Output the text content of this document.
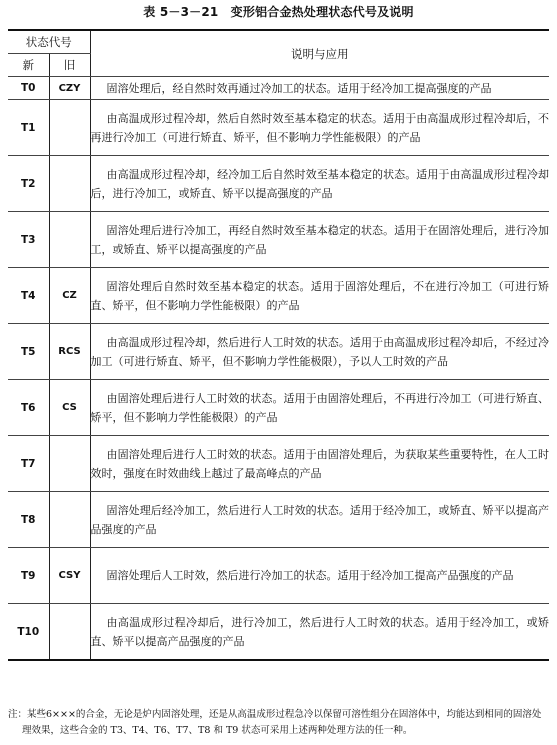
表 5－3－21　变形铝合金热处理状态代号及说明
状态代号		说明与应用
新	旧	
T0	CZY	固溶处理后，经自然时效再通过冷加工的状态。适用于经冷加工提高强度的产品

T1		由高温成形过程冷却，然后自然时效至基本稳定的状态。适用于由高温成形过程冷却后，不再进行冷加工（可进行矫直、矫平，但不影响力学性能极限）的产品

T2		由高温成形过程冷却，经冷加工后自然时效至基本稳定的状态。适用于由高温成形过程冷却后，进行冷加工，或矫直、矫平以提高强度的产品

T3		固溶处理后进行冷加工，再经自然时效至基本稳定的状态。适用于在固溶处理后，进行冷加工，或矫直、矫平以提高强度的产品

T4	CZ	固溶处理后自然时效至基本稳定的状态。适用于固溶处理后，不在进行冷加工（可进行矫直、矫平，但不影响力学性能极限）的产品

T5	RCS	由高温成形过程冷却，然后进行人工时效的状态。适用于由高温成形过程冷却后，不经过冷加工（可进行矫直、矫平，但不影响力学性能极限），予以人工时效的产品

T6	CS	由固溶处理后进行人工时效的状态。适用于由固溶处理后，不再进行冷加工（可进行矫直、矫平，但不影响力学性能极限）的产品

T7		由固溶处理后进行人工时效的状态。适用于由固溶处理后，为获取某些重要特性，在人工时效时，强度在时效曲线上越过了最高峰点的产品

T8		固溶处理后经冷加工，然后进行人工时效的状态。适用于经冷加工，或矫直、矫平以提高产品强度的产品

T9	CSY	固溶处理后人工时效，然后进行冷加工的状态。适用于经冷加工提高产品强度的产品

T10		由高温成形过程冷却后，进行冷加工，然后进行人工时效的状态。适用于经冷加工，或矫直、矫平以提高产品强度的产品
注：某些6×××的合金，无论是炉内固溶处理，还是从高温成形过程急冷以保留可溶性组分在固溶体中，均能达到相同的固溶处理效果，这些合金的 T3、T4、T6、T7、T8 和 T9 状态可采用上述两种处理方法的任一种。
